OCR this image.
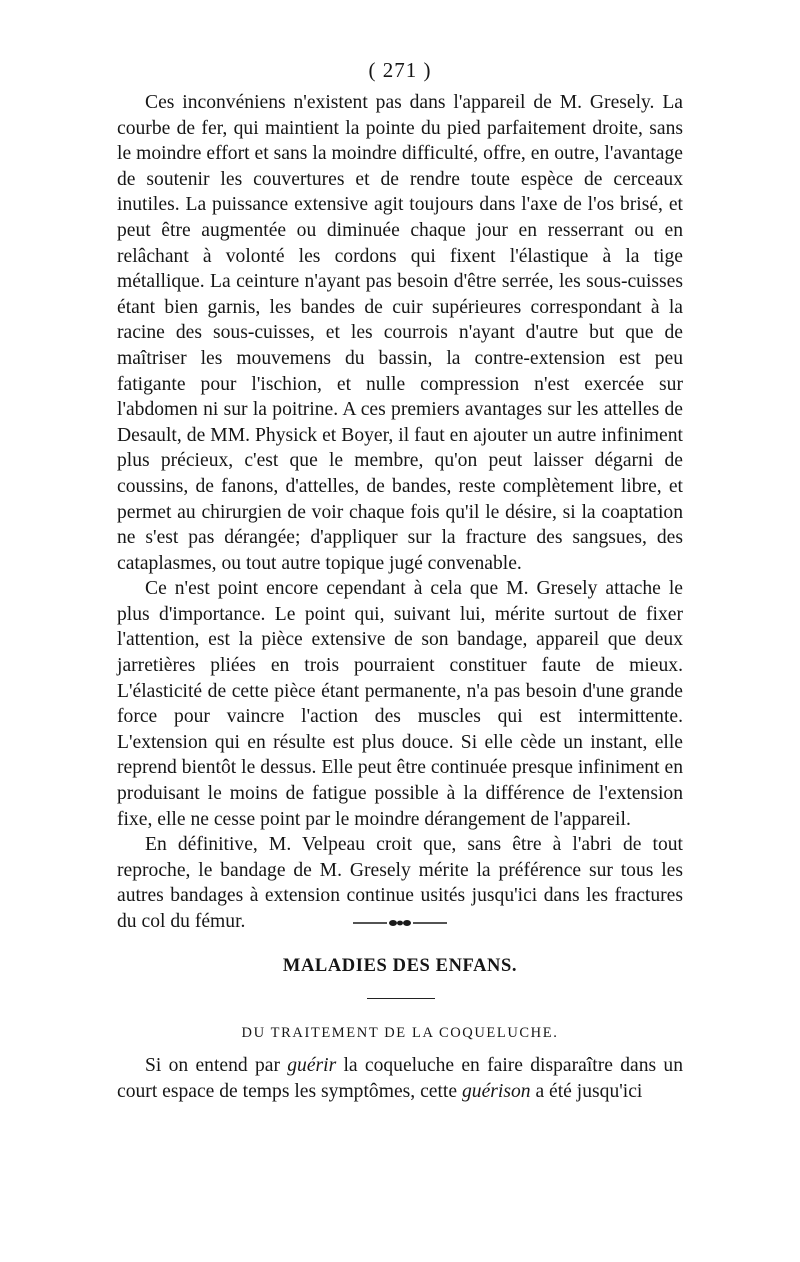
( 271 )

Ces inconvéniens n'existent pas dans l'appareil de M. Gresely. La courbe de fer, qui maintient la pointe du pied parfaitement droite, sans le moindre effort et sans la moindre difficulté, offre, en outre, l'avantage de soutenir les couvertures et de rendre toute espèce de cerceaux inutiles. La puissance extensive agit toujours dans l'axe de l'os brisé, et peut être augmentée ou diminuée chaque jour en resserrant ou en relâchant à volonté les cordons qui fixent l'élastique à la tige métallique. La ceinture n'ayant pas besoin d'être serrée, les sous-cuisses étant bien garnis, les bandes de cuir supérieures correspondant à la racine des sous-cuisses, et les courrois n'ayant d'autre but que de maîtriser les mouvemens du bassin, la contre-extension est peu fatigante pour l'ischion, et nulle compression n'est exercée sur l'abdomen ni sur la poitrine. A ces premiers avantages sur les attelles de Desault, de MM. Physick et Boyer, il faut en ajouter un autre infiniment plus précieux, c'est que le membre, qu'on peut laisser dégarni de coussins, de fanons, d'attelles, de bandes, reste complètement libre, et permet au chirurgien de voir chaque fois qu'il le désire, si la coaptation ne s'est pas dérangée; d'appliquer sur la fracture des sangsues, des cataplasmes, ou tout autre topique jugé convenable.

Ce n'est point encore cependant à cela que M. Gresely attache le plus d'importance. Le point qui, suivant lui, mérite surtout de fixer l'attention, est la pièce extensive de son bandage, appareil que deux jarretières pliées en trois pourraient constituer faute de mieux. L'élasticité de cette pièce étant permanente, n'a pas besoin d'une grande force pour vaincre l'action des muscles qui est intermittente. L'extension qui en résulte est plus douce. Si elle cède un instant, elle reprend bientôt le dessus. Elle peut être continuée presque infiniment en produisant le moins de fatigue possible à la différence de l'extension fixe, elle ne cesse point par le moindre dérangement de l'appareil.

En définitive, M. Velpeau croit que, sans être à l'abri de tout reproche, le bandage de M. Gresely mérite la préférence sur tous les autres bandages à extension continue usités jusqu'ici dans les fractures du col du fémur.

MALADIES DES ENFANS.
DU TRAITEMENT DE LA COQUELUCHE.

Si on entend par guérir la coqueluche en faire disparaître dans un court espace de temps les symptômes, cette guérison a été jusqu'ici
